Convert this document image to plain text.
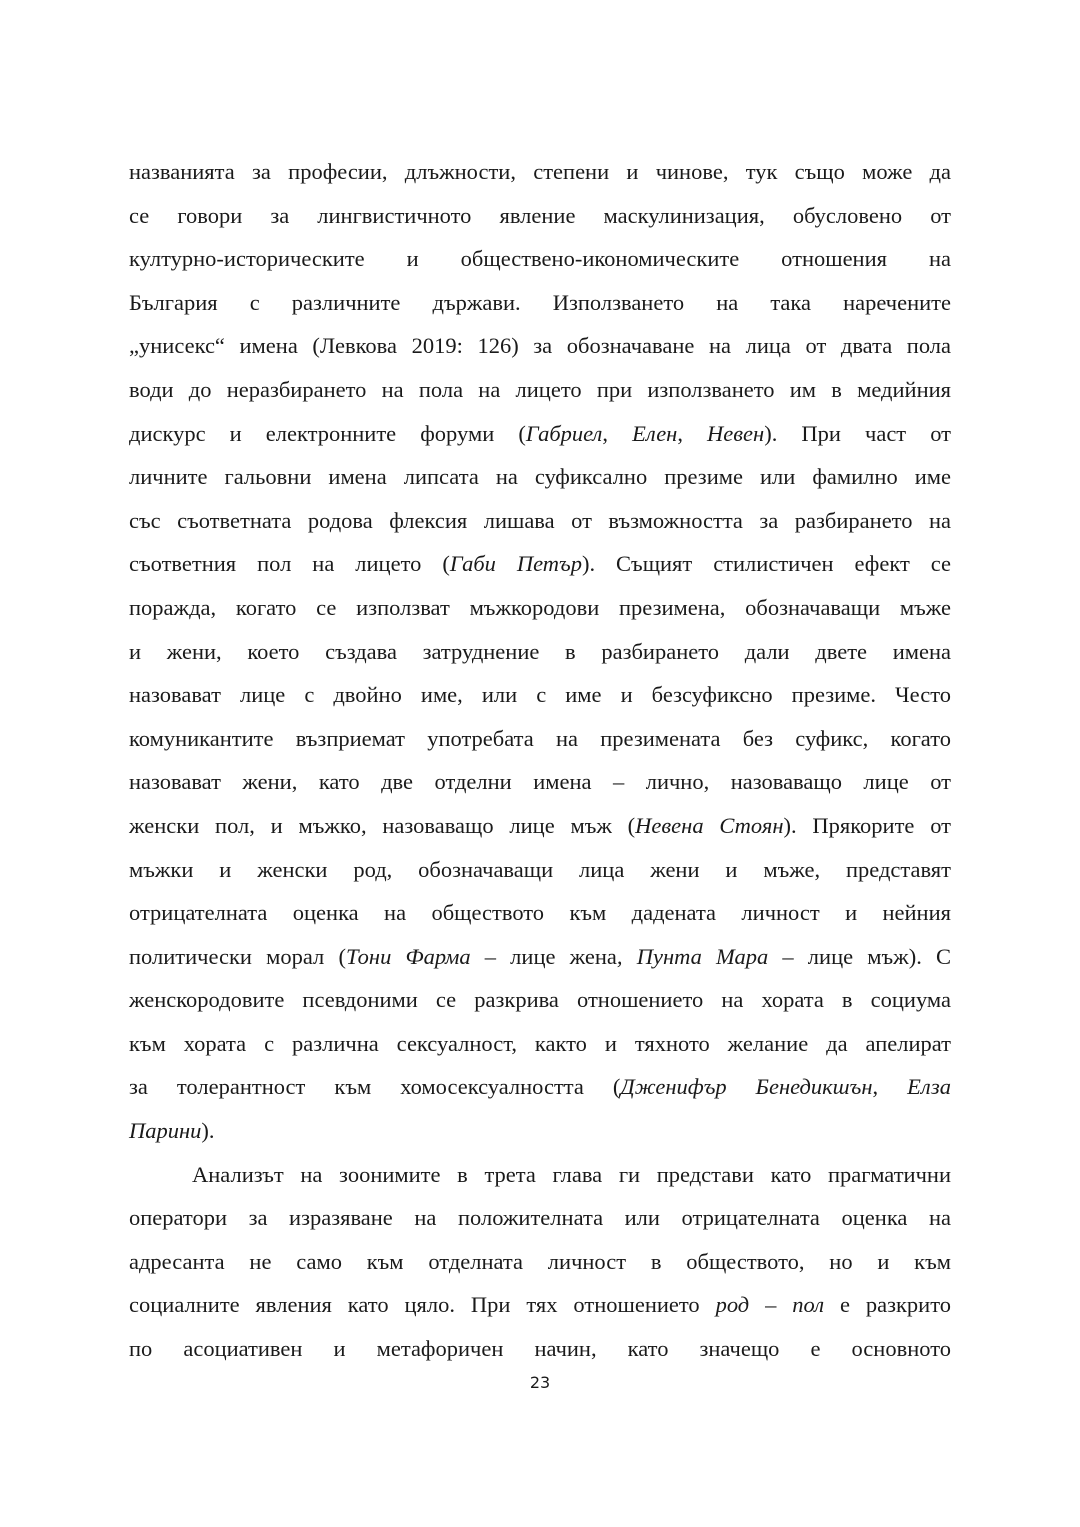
названията за професии, длъжности, степени и чинове, тук също може да
се говори за лингвистичното явление маскулинизация, обусловено от
културно-историческите и обществено-икономическите отношения на
България с различните държави. Използването на така наречените
„унисекс“ имена (Левкова 2019: 126) за обозначаване на лица от двата пола
води до неразбирането на пола на лицето при използването им в медийния
дискурс и електронните форуми (Габриел, Елен, Невен). При част от
личните гальовни имена липсата на суфиксално презиме или фамилно име
със съответната родова флексия лишава от възможността за разбирането на
съответния пол на лицето (Габи Петър). Същият стилистичен ефект се
поражда, когато се използват мъжкородови презимена, обозначаващи мъже
и жени, което създава затруднение в разбирането дали двете имена
назовават лице с двойно име, или с име и безсуфиксно презиме. Често
комуникантите възприемат употребата на презимената без суфикс, когато
назовават жени, като две отделни имена – лично, назоваващо лице от
женски пол, и мъжко, назоваващо лице мъж (Невена Стоян). Прякорите от
мъжки и женски род, обозначаващи лица жени и мъже, представят
отрицателната оценка на обществото към дадената личност и нейния
политически морал (Тони Фарма – лице жена, Пунта Мара – лице мъж). С
женскородовите псевдоними се разкрива отношението на хората в социума
към хората с различна сексуалност, както и тяхното желание да апелират
за толерантност към хомосексуалността (Дженифър Бенедикшън, Елза
Парини).
Анализът на зоонимите в трета глава ги представи като прагматични
оператори за изразяване на положителната или отрицателната оценка на
адресанта не само към отделната личност в обществото, но и към
социалните явления като цяло. При тях отношението род – пол е разкрито
по асоциативен и метафоричен начин, като значещо е основното
23
